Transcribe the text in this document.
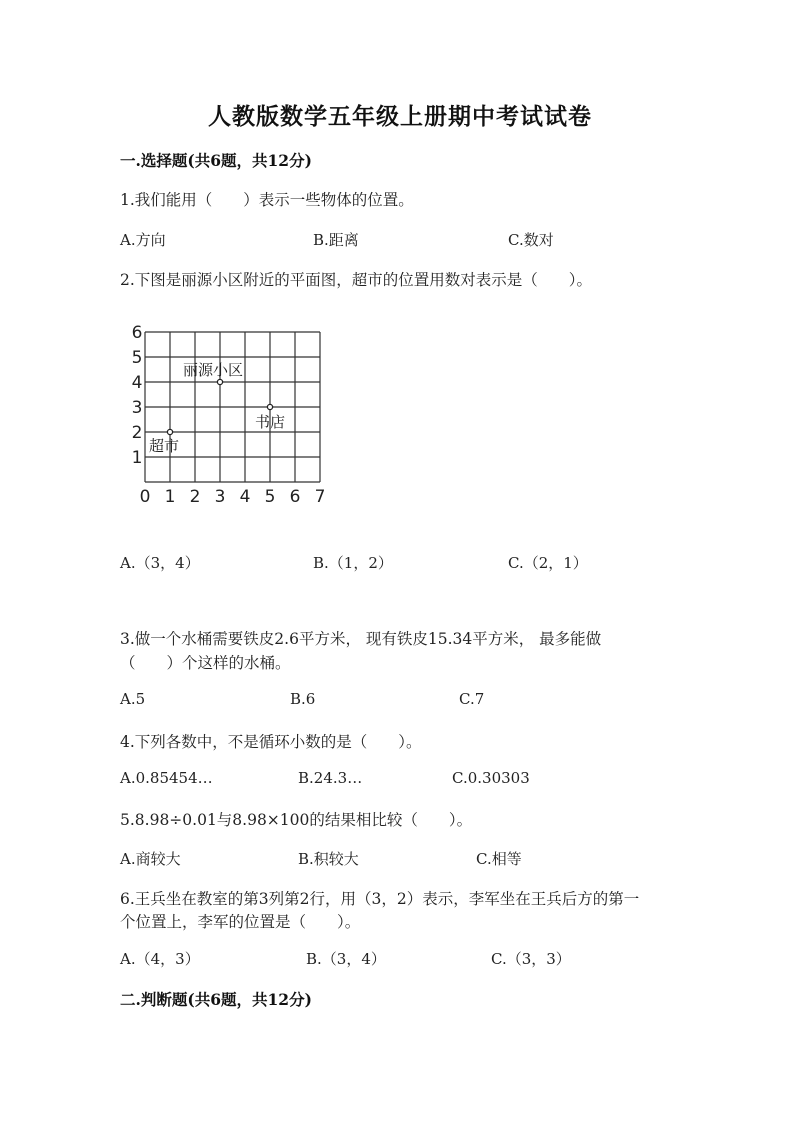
人教版数学五年级上册期中考试试卷
一.选择题(共6题，共12分)
1.我们能用（　　）表示一些物体的位置。
A.方向	B.距离	C.数对
2.下图是丽源小区附近的平面图，超市的位置用数对表示是（　　）。
0 1 2 3 4 5 6 7
1
2
3
4
5
6
丽源小区
书店
超市
A.（3，4）	B.（1，2）	C.（2，1）
3.做一个水桶需要铁皮2.6平方米， 现有铁皮15.34平方米， 最多能做
（　　）个这样的水桶。
A.5	B.6	C.7
4.下列各数中，不是循环小数的是（　　）。
A.0.85454…	B.24.3…	C.0.30303
5.8.98÷0.01与8.98×100的结果相比较（　　）。
A.商较大	B.积较大	C.相等
6.王兵坐在教室的第3列第2行，用（3，2）表示，李军坐在王兵后方的第一
个位置上，李军的位置是（　　）。
A.（4，3）	B.（3，4）	C.（3，3）
二.判断题(共6题，共12分)
